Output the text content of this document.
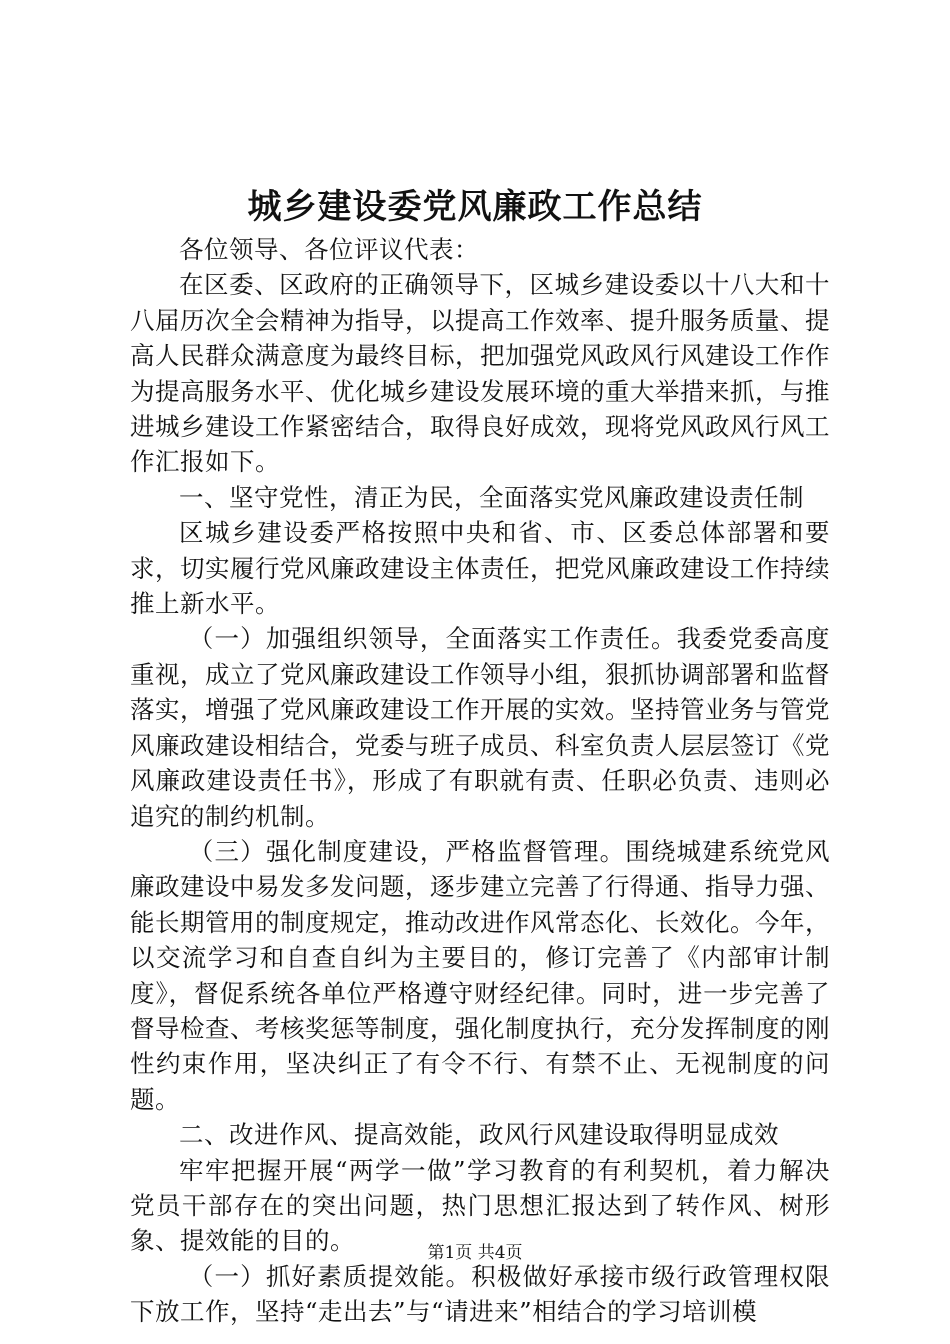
城乡建设委党风廉政工作总结

各位领导、各位评议代表：

在区委、区政府的正确领导下，区城乡建设委以十八大和十八届历次全会精神为指导，以提高工作效率、提升服务质量、提高人民群众满意度为最终目标，把加强党风政风行风建设工作作为提高服务水平、优化城乡建设发展环境的重大举措来抓，与推进城乡建设工作紧密结合，取得良好成效，现将党风政风行风工作汇报如下。

一、坚守党性，清正为民，全面落实党风廉政建设责任制

区城乡建设委严格按照中央和省、市、区委总体部署和要求，切实履行党风廉政建设主体责任，把党风廉政建设工作持续推上新水平。

（一）加强组织领导，全面落实工作责任。我委党委高度重视，成立了党风廉政建设工作领导小组，狠抓协调部署和监督落实，增强了党风廉政建设工作开展的实效。坚持管业务与管党风廉政建设相结合，党委与班子成员、科室负责人层层签订《党风廉政建设责任书》，形成了有职就有责、任职必负责、违则必追究的制约机制。

（三）强化制度建设，严格监督管理。围绕城建系统党风廉政建设中易发多发问题，逐步建立完善了行得通、指导力强、能长期管用的制度规定，推动改进作风常态化、长效化。今年，以交流学习和自查自纠为主要目的，修订完善了《内部审计制度》，督促系统各单位严格遵守财经纪律。同时，进一步完善了督导检查、考核奖惩等制度，强化制度执行，充分发挥制度的刚性约束作用，坚决纠正了有令不行、有禁不止、无视制度的问题。

二、改进作风、提高效能，政风行风建设取得明显成效

牢牢把握开展“两学一做”学习教育的有利契机，着力解决党员干部存在的突出问题，热门思想汇报达到了转作风、树形象、提效能的目的。

（一）抓好素质提效能。积极做好承接市级行政管理权限下放工作，坚持“走出去”与“请进来”相结合的学习培训模

第1页 共4页
